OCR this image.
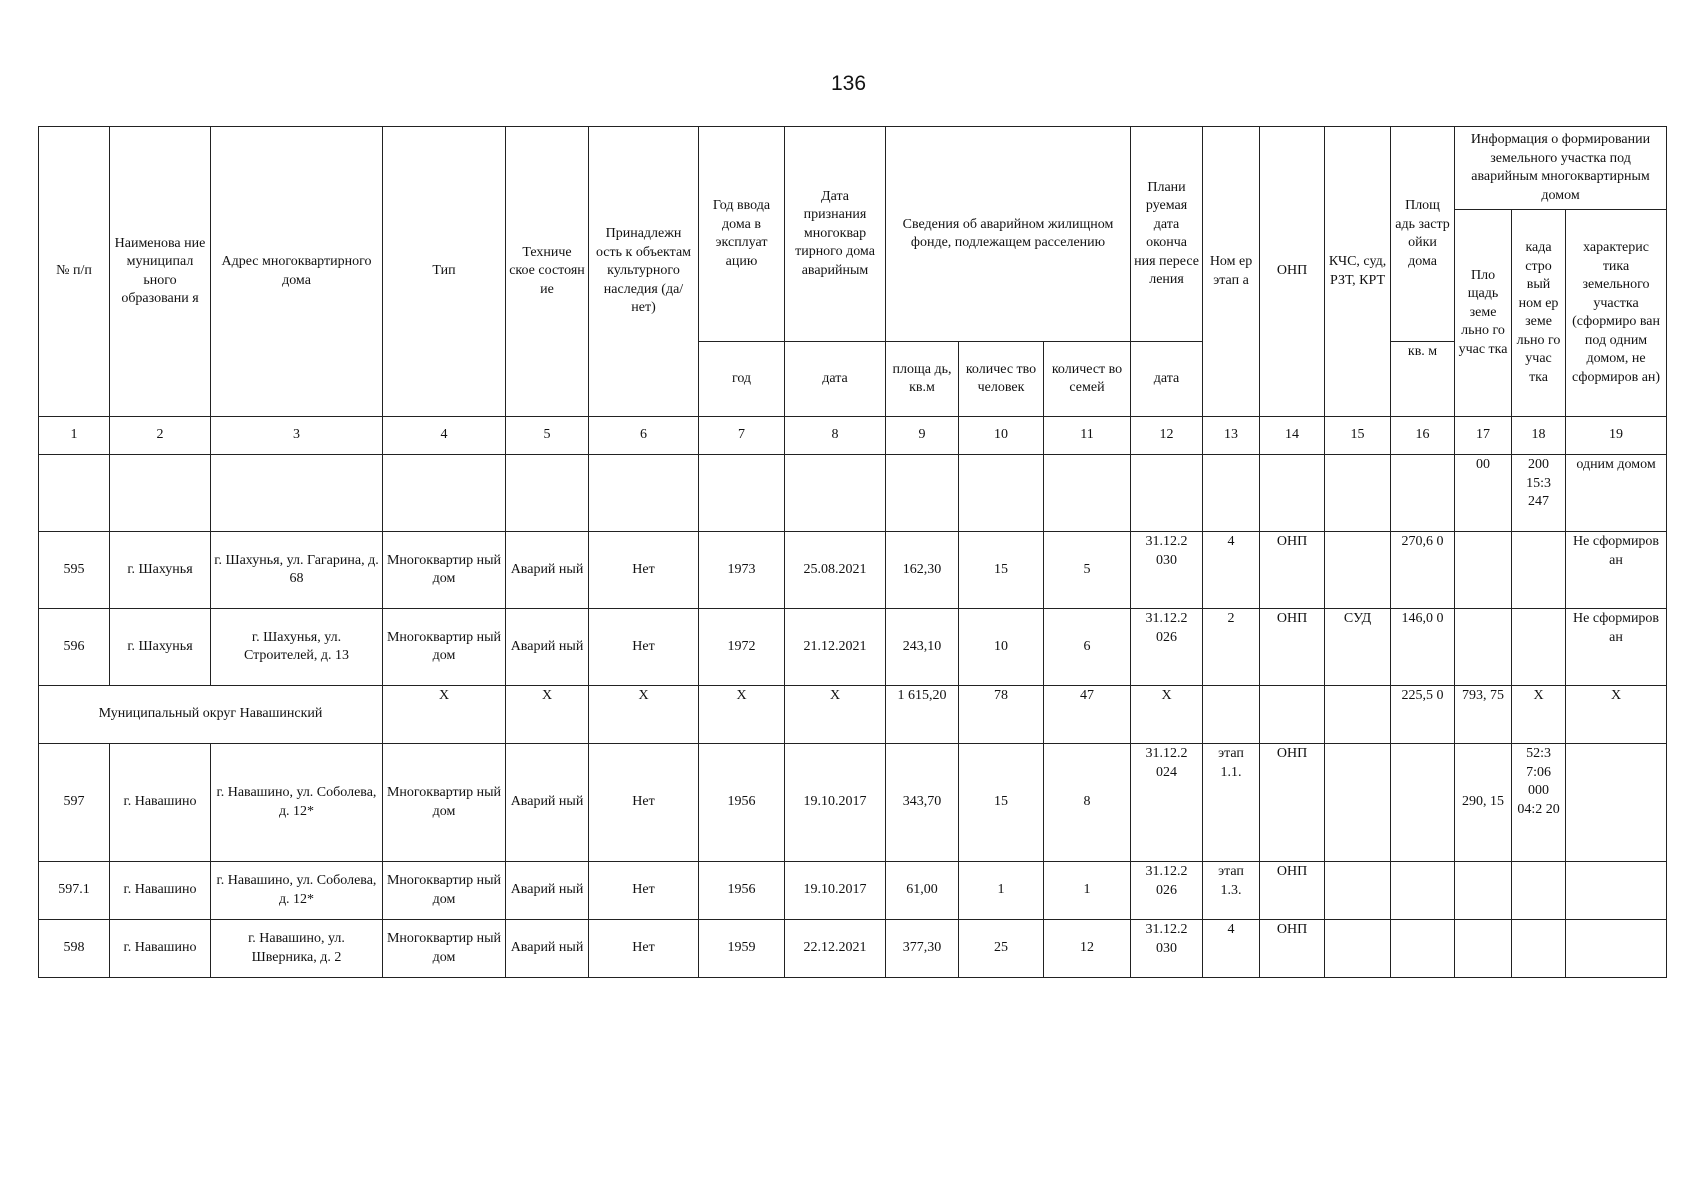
136
№ п/п	Наименова ние муниципал ьного образовани я	Адрес многоквартирного дома	Тип	Техниче ское состоян ие	Принадлежн ость к объектам культурного наследия (да/нет)	Год ввода дома в эксплуат ацию	Дата признания многоквар тирного дома аварийным	Сведения об аварийном жилищном фонде, подлежащем расселению			Плани руемая дата оконча ния пересе ления	Ном ер этап а	ОНП	КЧС, суд, РЗТ, КРТ	Площ адь застр ойки дома	Информация о формировании земельного участка под аварийным многоквартирным домом		
																Пло щадь земе льно го учас тка	када стро вый ном ер земе льно го учас тка	характерис тика земельного участка (сформиро ван под одним домом, не сформиров ан)
						год	дата	площа дь, кв.м	количес тво человек	количест во семей	дата				кв. м			
1	2	3	4	5	6	7	8	9	10	11	12	13	14	15	16	17	18	19
																00	200 15:3 247	одним домом
595	г. Шахунья	г. Шахунья, ул. Гагарина, д. 68	Многоквартир ный дом	Аварий ный	Нет	1973	25.08.2021	162,30	15	5	31.12.2 030	4	ОНП		270,6 0			Не сформиров ан
596	г. Шахунья	г. Шахунья, ул. Строителей, д. 13	Многоквартир ный дом	Аварий ный	Нет	1972	21.12.2021	243,10	10	6	31.12.2 026	2	ОНП	СУД	146,0 0			Не сформиров ан
Муниципальный округ Навашинский			X	X	X	X	X	1 615,20	78	47	X				225,5 0	793, 75	X	X
597	г. Навашино	г. Навашино, ул. Соболева, д. 12*	Многоквартир ный дом	Аварий ный	Нет	1956	19.10.2017	343,70	15	8	31.12.2 024	этап 1.1.	ОНП			290, 15	52:3 7:06 000 04:2 20	
597.1	г. Навашино	г. Навашино, ул. Соболева, д. 12*	Многоквартир ный дом	Аварий ный	Нет	1956	19.10.2017	61,00	1	1	31.12.2 026	этап 1.3.	ОНП					
598	г. Навашино	г. Навашино, ул. Шверника, д. 2	Многоквартир ный дом	Аварий ный	Нет	1959	22.12.2021	377,30	25	12	31.12.2 030	4	ОНП					
